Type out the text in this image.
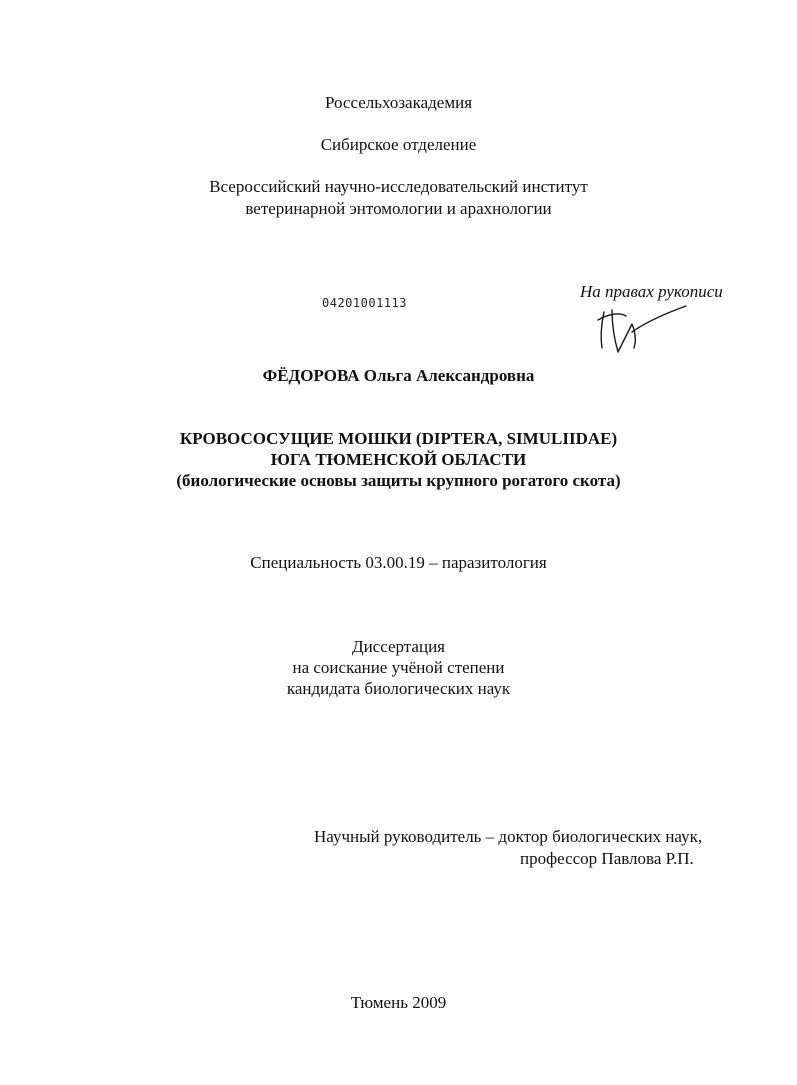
Россельхозакадемия
Сибирское отделение
Всероссийский научно-исследовательский институт
ветеринарной энтомологии и арахнологии
На правах рукописи
04201001113
ФЁДОРОВА Ольга Александровна
КРОВОСОСУЩИЕ МОШКИ (DIPTERA, SIMULIIDAE)
ЮГА ТЮМЕНСКОЙ ОБЛАСТИ
(биологические основы защиты крупного рогатого скота)
Специальность 03.00.19 – паразитология
Диссертация
на соискание учёной степени
кандидата биологических наук
Научный руководитель – доктор биологических наук,
профессор Павлова Р.П.
Тюмень 2009
